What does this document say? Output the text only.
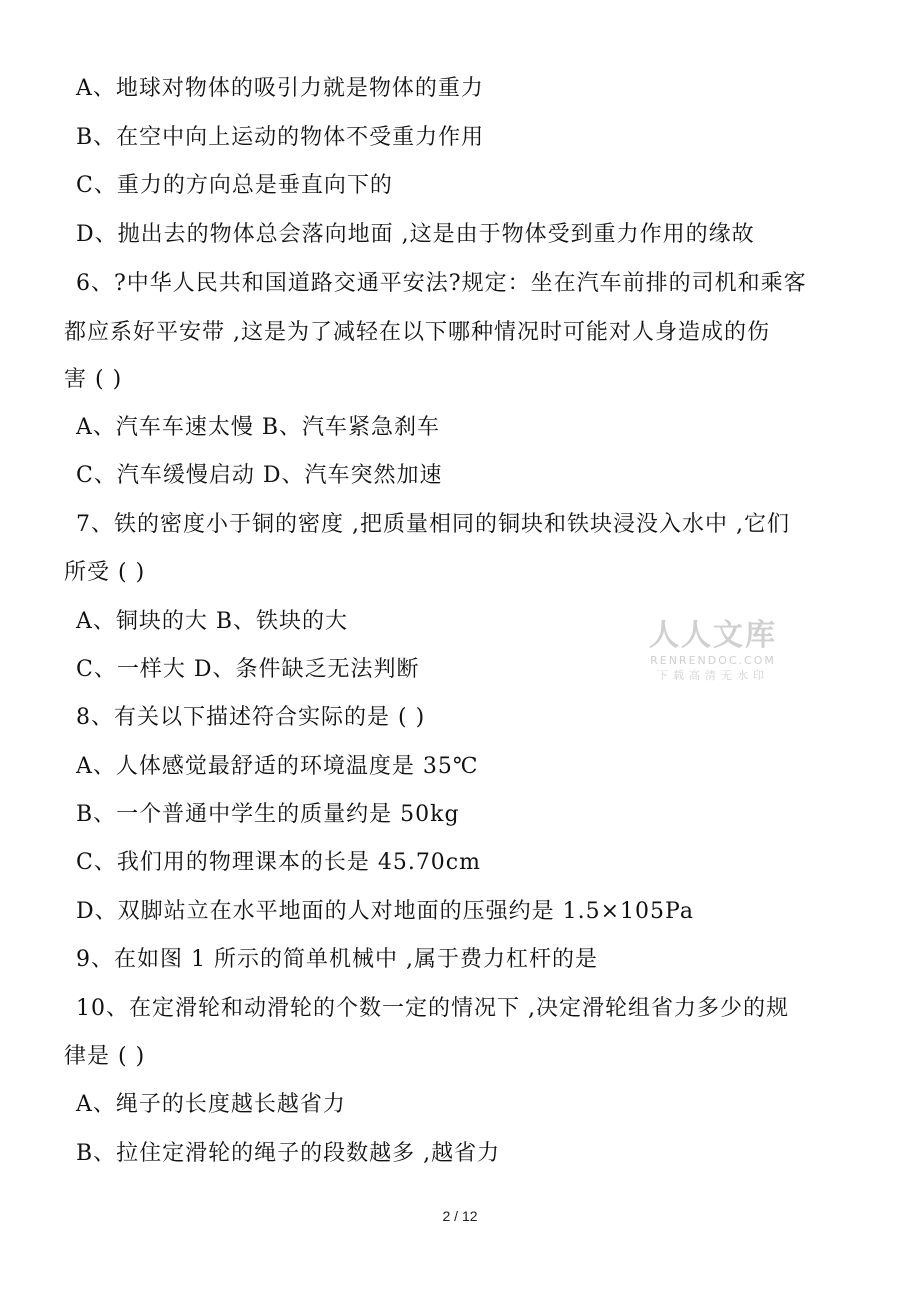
A、地球对物体的吸引力就是物体的重力
B、在空中向上运动的物体不受重力作用
C、重力的方向总是垂直向下的
D、抛出去的物体总会落向地面 ,这是由于物体受到重力作用的缘故
6、?中华人民共和国道路交通平安法?规定：坐在汽车前排的司机和乘客
都应系好平安带 ,这是为了减轻在以下哪种情况时可能对人身造成的伤
害 ( )
A、汽车车速太慢 B、汽车紧急刹车
C、汽车缓慢启动 D、汽车突然加速
7、铁的密度小于铜的密度 ,把质量相同的铜块和铁块浸没入水中 ,它们
所受 ( )
A、铜块的大 B、铁块的大
C、一样大 D、条件缺乏无法判断
8、有关以下描述符合实际的是 ( )
A、人体感觉最舒适的环境温度是 35℃
B、一个普通中学生的质量约是 50kg
C、我们用的物理课本的长是 45.70cm
D、双脚站立在水平地面的人对地面的压强约是 1.5×105Pa
9、在如图 1 所示的简单机械中 ,属于费力杠杆的是
10、在定滑轮和动滑轮的个数一定的情况下 ,决定滑轮组省力多少的规
律是 ( )
A、绳子的长度越长越省力
B、拉住定滑轮的绳子的段数越多 ,越省力
人人文库
RENRENDOC.COM
下载高清无水印
2 / 12
